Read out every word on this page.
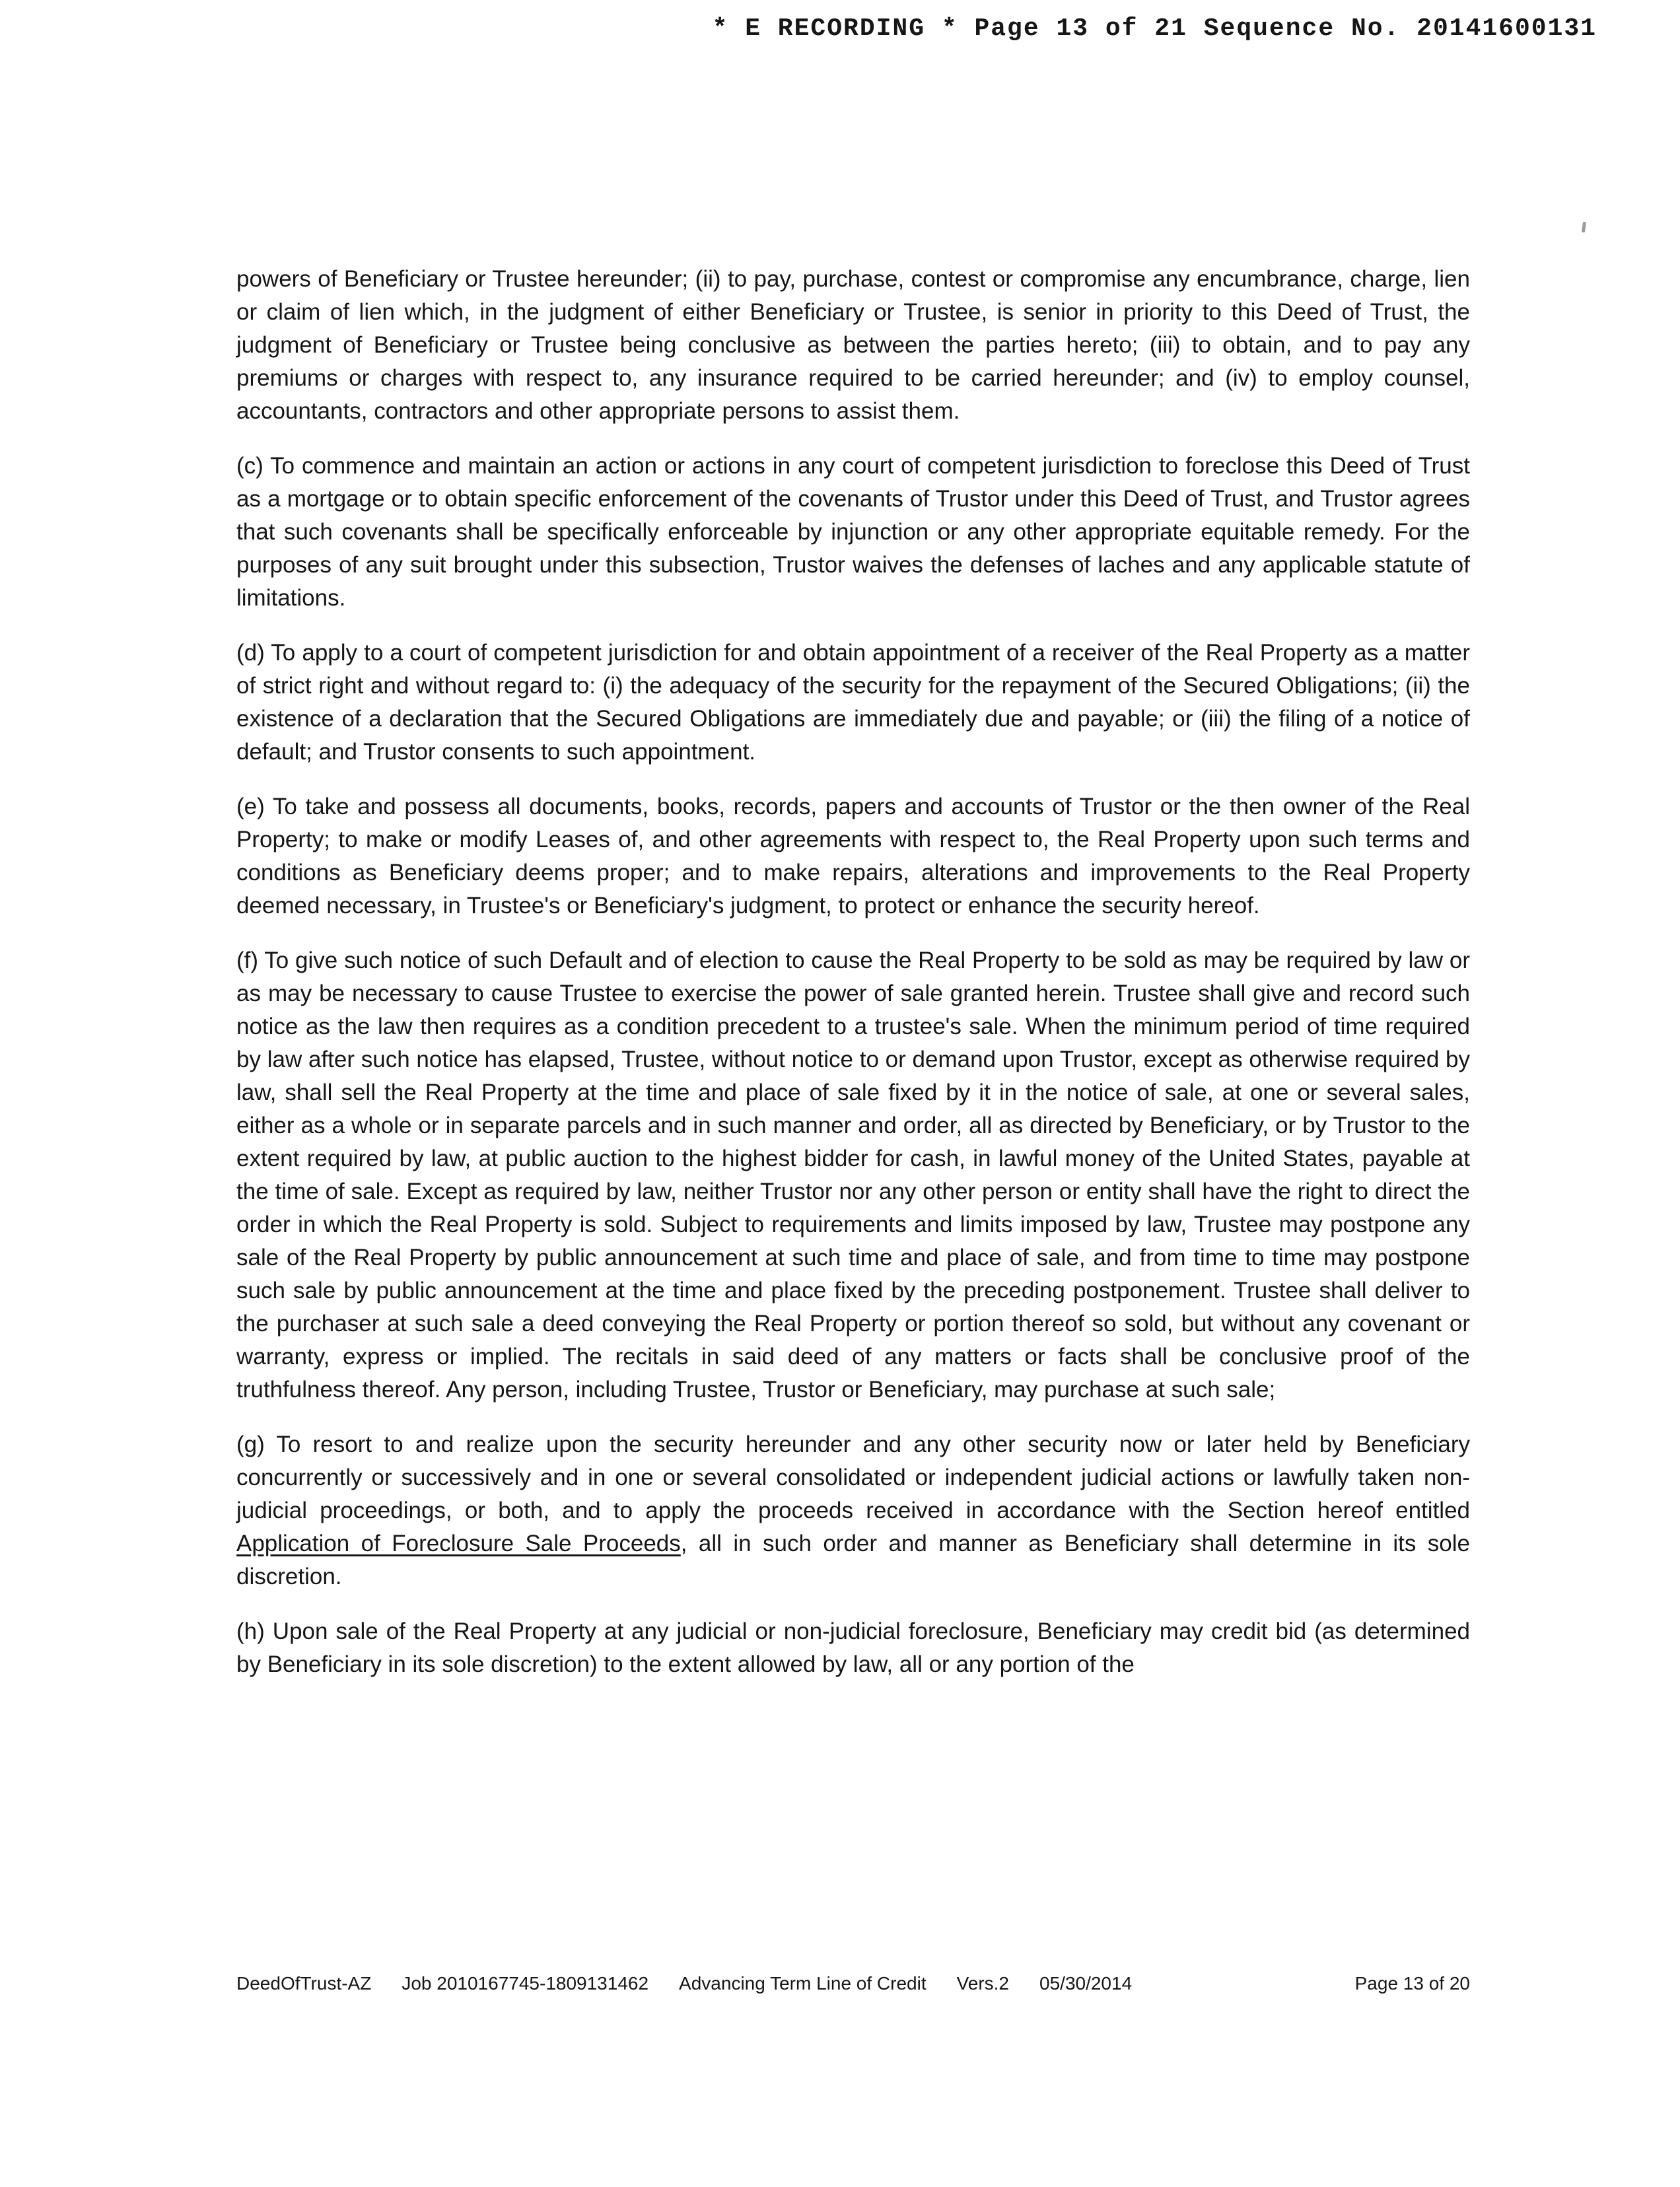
* E RECORDING * Page 13 of 21 Sequence No. 20141600131

powers of Beneficiary or Trustee hereunder; (ii) to pay, purchase, contest or compromise any encumbrance, charge, lien or claim of lien which, in the judgment of either Beneficiary or Trustee, is senior in priority to this Deed of Trust, the judgment of Beneficiary or Trustee being conclusive as between the parties hereto; (iii) to obtain, and to pay any premiums or charges with respect to, any insurance required to be carried hereunder; and (iv) to employ counsel, accountants, contractors and other appropriate persons to assist them.

(c) To commence and maintain an action or actions in any court of competent jurisdiction to foreclose this Deed of Trust as a mortgage or to obtain specific enforcement of the covenants of Trustor under this Deed of Trust, and Trustor agrees that such covenants shall be specifically enforceable by injunction or any other appropriate equitable remedy. For the purposes of any suit brought under this subsection, Trustor waives the defenses of laches and any applicable statute of limitations.

(d) To apply to a court of competent jurisdiction for and obtain appointment of a receiver of the Real Property as a matter of strict right and without regard to: (i) the adequacy of the security for the repayment of the Secured Obligations; (ii) the existence of a declaration that the Secured Obligations are immediately due and payable; or (iii) the filing of a notice of default; and Trustor consents to such appointment.

(e) To take and possess all documents, books, records, papers and accounts of Trustor or the then owner of the Real Property; to make or modify Leases of, and other agreements with respect to, the Real Property upon such terms and conditions as Beneficiary deems proper; and to make repairs, alterations and improvements to the Real Property deemed necessary, in Trustee's or Beneficiary's judgment, to protect or enhance the security hereof.

(f) To give such notice of such Default and of election to cause the Real Property to be sold as may be required by law or as may be necessary to cause Trustee to exercise the power of sale granted herein. Trustee shall give and record such notice as the law then requires as a condition precedent to a trustee's sale. When the minimum period of time required by law after such notice has elapsed, Trustee, without notice to or demand upon Trustor, except as otherwise required by law, shall sell the Real Property at the time and place of sale fixed by it in the notice of sale, at one or several sales, either as a whole or in separate parcels and in such manner and order, all as directed by Beneficiary, or by Trustor to the extent required by law, at public auction to the highest bidder for cash, in lawful money of the United States, payable at the time of sale. Except as required by law, neither Trustor nor any other person or entity shall have the right to direct the order in which the Real Property is sold. Subject to requirements and limits imposed by law, Trustee may postpone any sale of the Real Property by public announcement at such time and place of sale, and from time to time may postpone such sale by public announcement at the time and place fixed by the preceding postponement. Trustee shall deliver to the purchaser at such sale a deed conveying the Real Property or portion thereof so sold, but without any covenant or warranty, express or implied. The recitals in said deed of any matters or facts shall be conclusive proof of the truthfulness thereof. Any person, including Trustee, Trustor or Beneficiary, may purchase at such sale;

(g) To resort to and realize upon the security hereunder and any other security now or later held by Beneficiary concurrently or successively and in one or several consolidated or independent judicial actions or lawfully taken non-judicial proceedings, or both, and to apply the proceeds received in accordance with the Section hereof entitled Application of Foreclosure Sale Proceeds, all in such order and manner as Beneficiary shall determine in its sole discretion.

(h) Upon sale of the Real Property at any judicial or non-judicial foreclosure, Beneficiary may credit bid (as determined by Beneficiary in its sole discretion) to the extent allowed by law, all or any portion of the

DeedOfTrust-AZ Job 2010167745-1809131462 Advancing Term Line of Credit Vers.2 05/30/2014	Page 13 of 20
